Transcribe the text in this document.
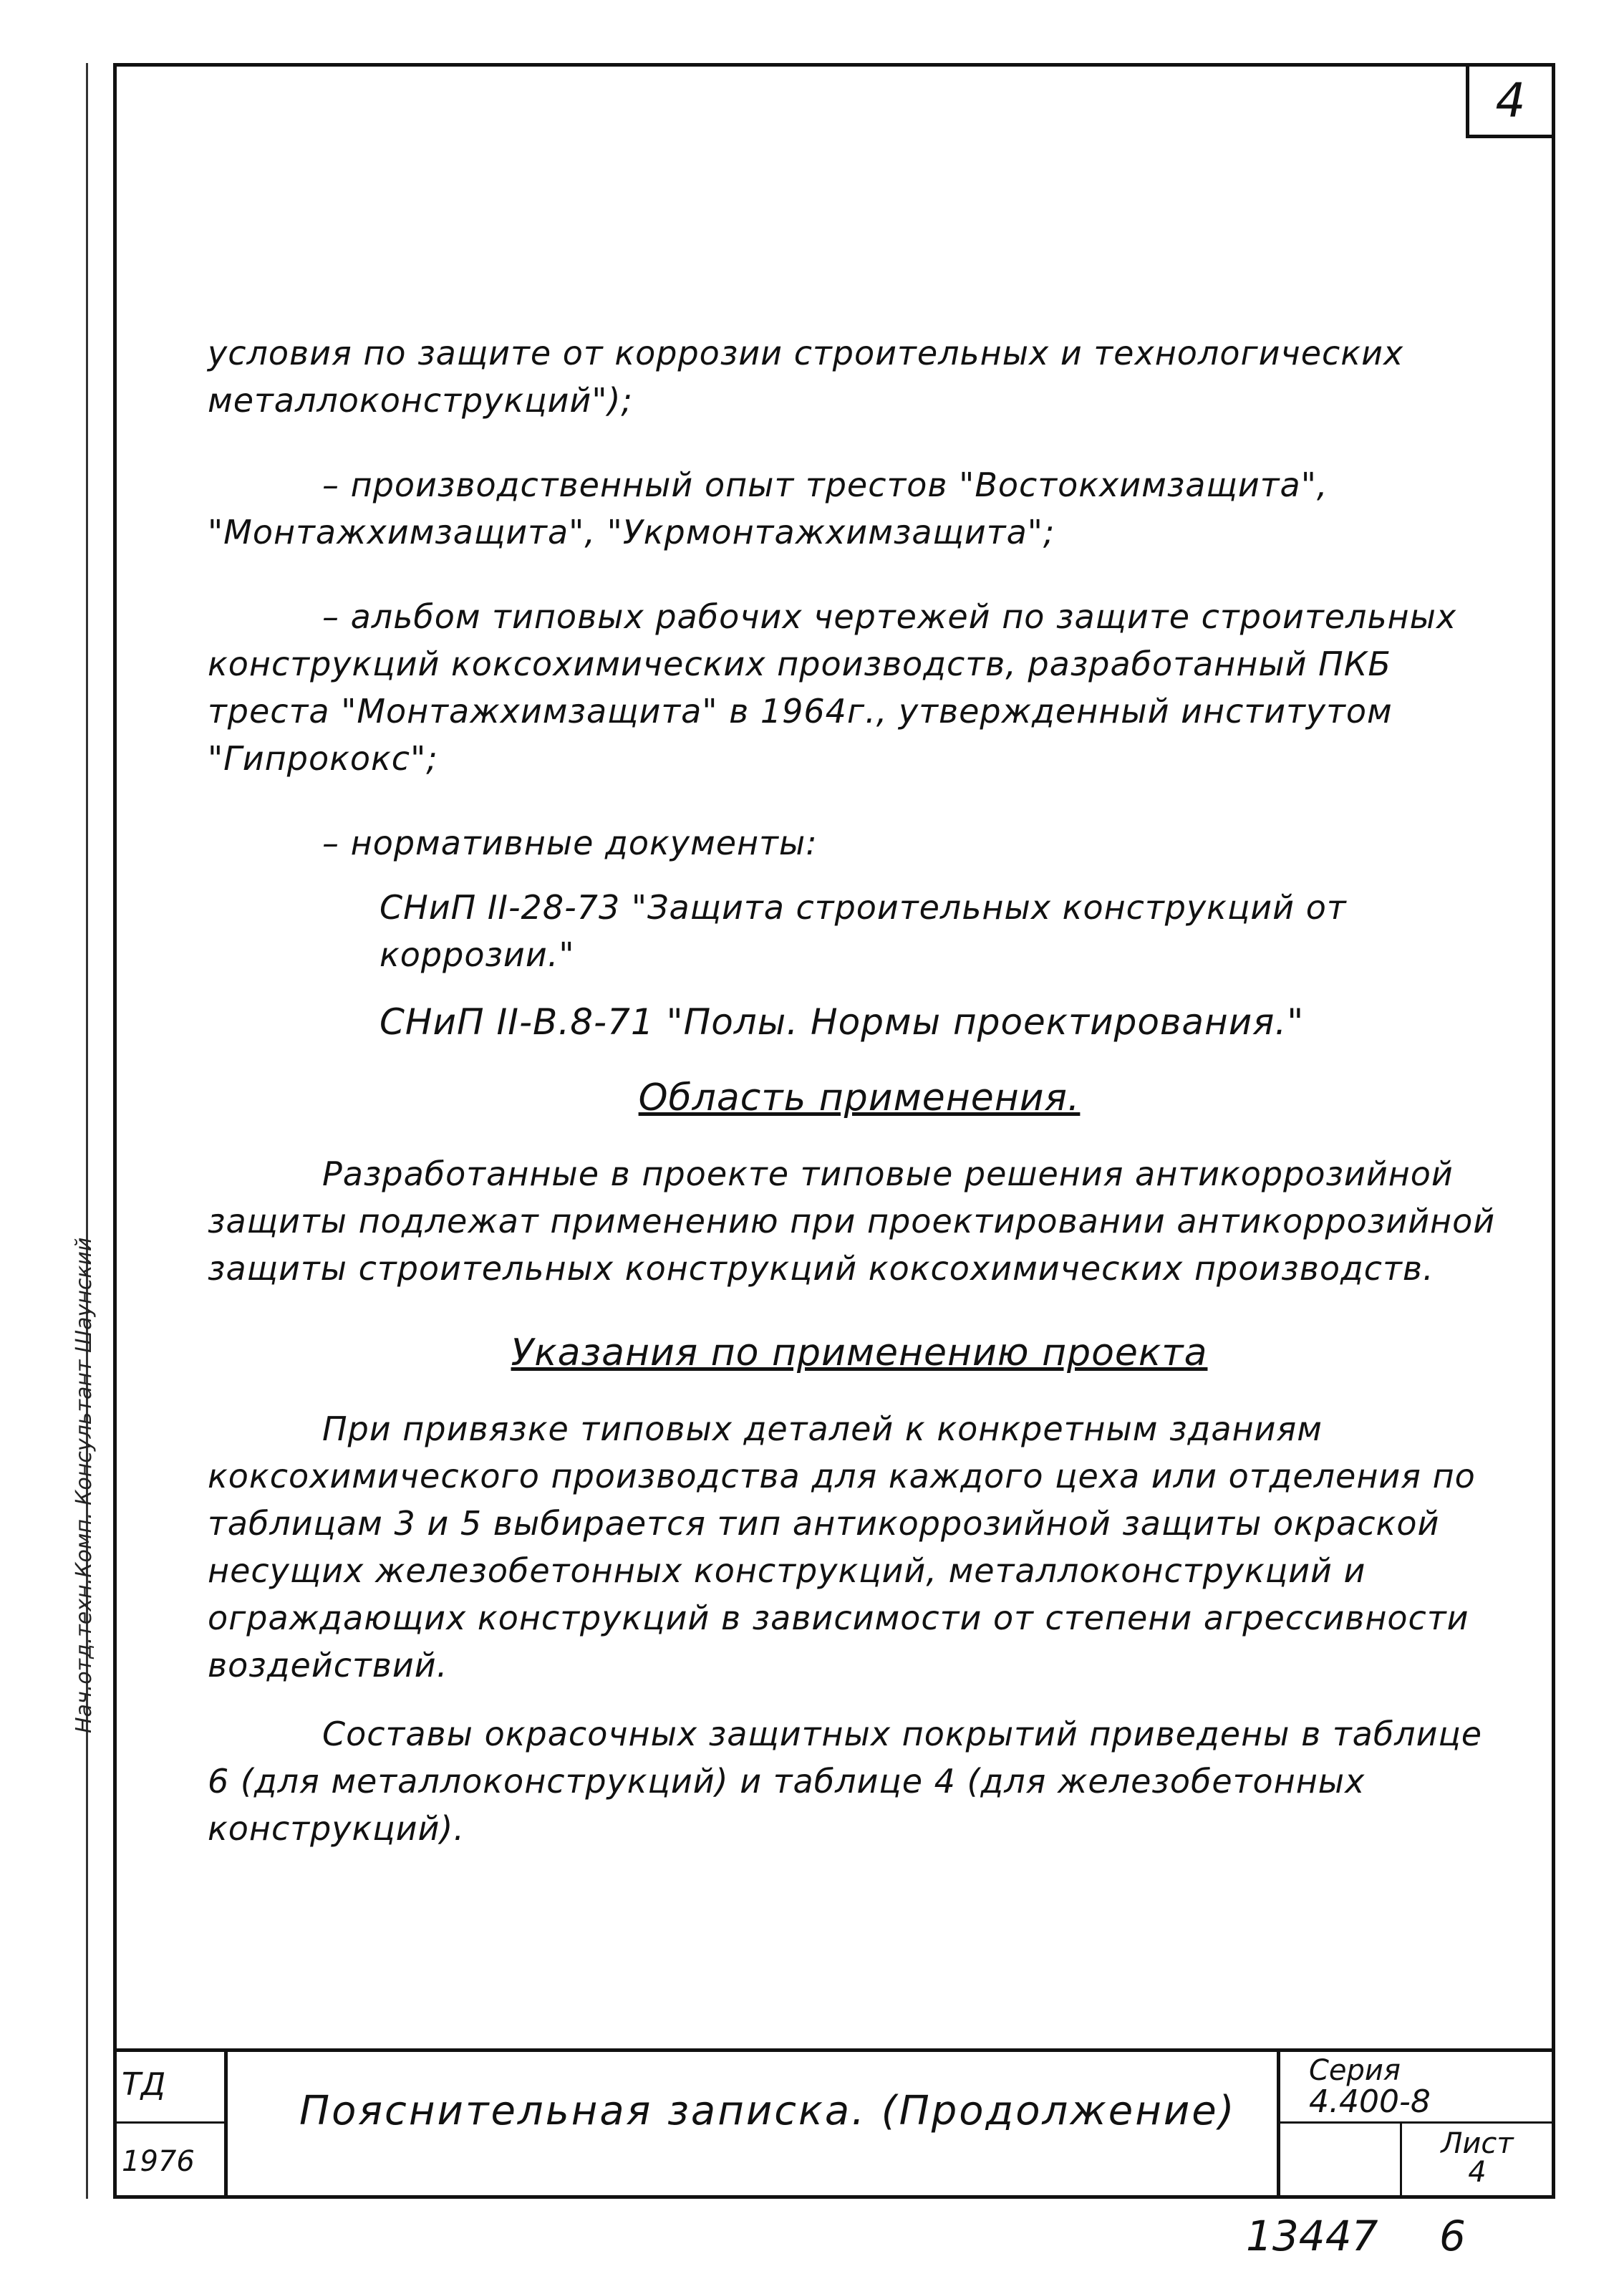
Нач.отд.техн.Комп. Консультант Шаунский
4

условия по защите от коррозии строительных и технологических металлоконструкций");

– производственный опыт трестов "Востокхимзащита", "Монтажхимзащита", "Укрмонтажхимзащита";

– альбом типовых рабочих чертежей по защите строительных конструкций коксохимических производств, разработанный ПКБ треста "Монтажхимзащита" в 1964г., утвержденный институтом "Гипрококс";

– нормативные документы:

СНиП II-28-73 "Защита строительных конструкций от коррозии."

СНиП II-В.8-71 "Полы. Нормы проектирования."

Область применения.

Разработанные в проекте типовые решения антикоррозийной защиты подлежат применению при проектировании антикоррозийной защиты строительных конструкций коксохимических производств.

Указания по применению проекта

При привязке типовых деталей к конкретным зданиям коксохимического производства для каждого цеха или отделения по таблицам 3 и 5 выбирается тип антикоррозийной защиты окраской несущих железобетонных конструкций, металлоконструкций и ограждающих конструкций в зависимости от степени агрессивности воздействий.

Составы окрасочных защитных покрытий приведены в таблице 6 (для металлоконструкций) и таблице 4 (для железобетонных конструкций).

ТД
1976
Пояснительная записка. (Продолжение)
Серия
4.400-8
Лист
4
13447 6
